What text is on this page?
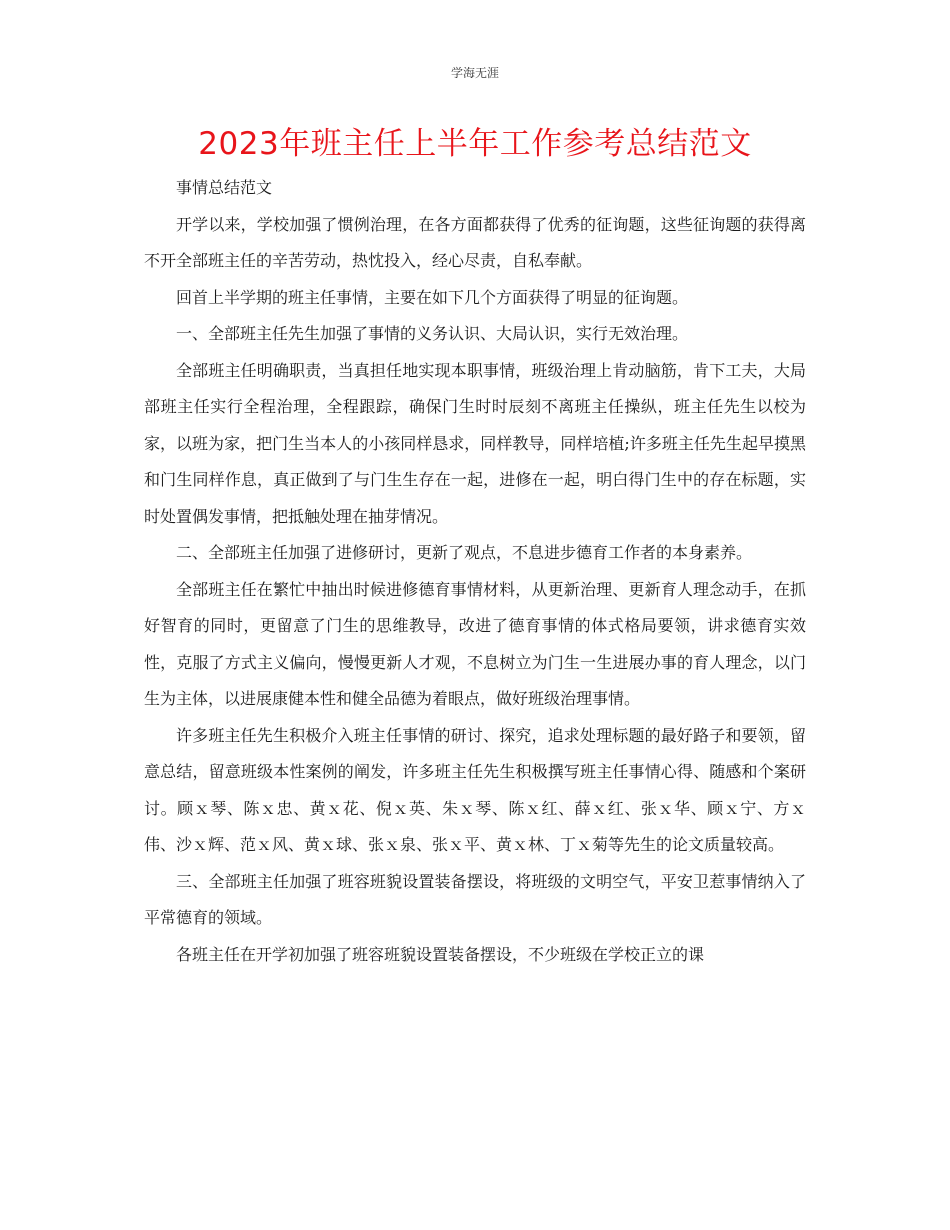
学海无涯
2023年班主任上半年工作参考总结范文

事情总结范文

开学以来，学校加强了惯例治理，在各方面都获得了优秀的征询题，这些征询题的获得离不开全部班主任的辛苦劳动，热忱投入，经心尽责，自私奉献。

回首上半学期的班主任事情，主要在如下几个方面获得了明显的征询题。

一、全部班主任先生加强了事情的义务认识、大局认识，实行无效治理。

全部班主任明确职责，当真担任地实现本职事情，班级治理上肯动脑筋，肯下工夫，大局部班主任实行全程治理，全程跟踪，确保门生时时辰刻不离班主任操纵，班主任先生以校为家，以班为家，把门生当本人的小孩同样恳求，同样教导，同样培植;许多班主任先生起早摸黑和门生同样作息，真正做到了与门生生存在一起，进修在一起，明白得门生中的存在标题，实时处置偶发事情，把抵触处理在抽芽情况。

二、全部班主任加强了进修研讨，更新了观点，不息进步德育工作者的本身素养。

全部班主任在繁忙中抽出时候进修德育事情材料，从更新治理、更新育人理念动手，在抓好智育的同时，更留意了门生的思维教导，改进了德育事情的体式格局要领，讲求德育实效性，克服了方式主义偏向，慢慢更新人才观，不息树立为门生一生进展办事的育人理念，以门生为主体，以进展康健本性和健全品德为着眼点，做好班级治理事情。

许多班主任先生积极介入班主任事情的研讨、探究，追求处理标题的最好路子和要领，留意总结，留意班级本性案例的阐发，许多班主任先生积极撰写班主任事情心得、随感和个案研讨。顾ｘ琴、陈ｘ忠、黄ｘ花、倪ｘ英、朱ｘ琴、陈ｘ红、薛ｘ红、张ｘ华、顾ｘ宁、方ｘ伟、沙ｘ辉、范ｘ风、黄ｘ球、张ｘ泉、张ｘ平、黄ｘ林、丁ｘ菊等先生的论文质量较高。

三、全部班主任加强了班容班貌设置装备摆设，将班级的文明空气，平安卫惹事情纳入了平常德育的领域。

各班主任在开学初加强了班容班貌设置装备摆设，不少班级在学校正立的课
